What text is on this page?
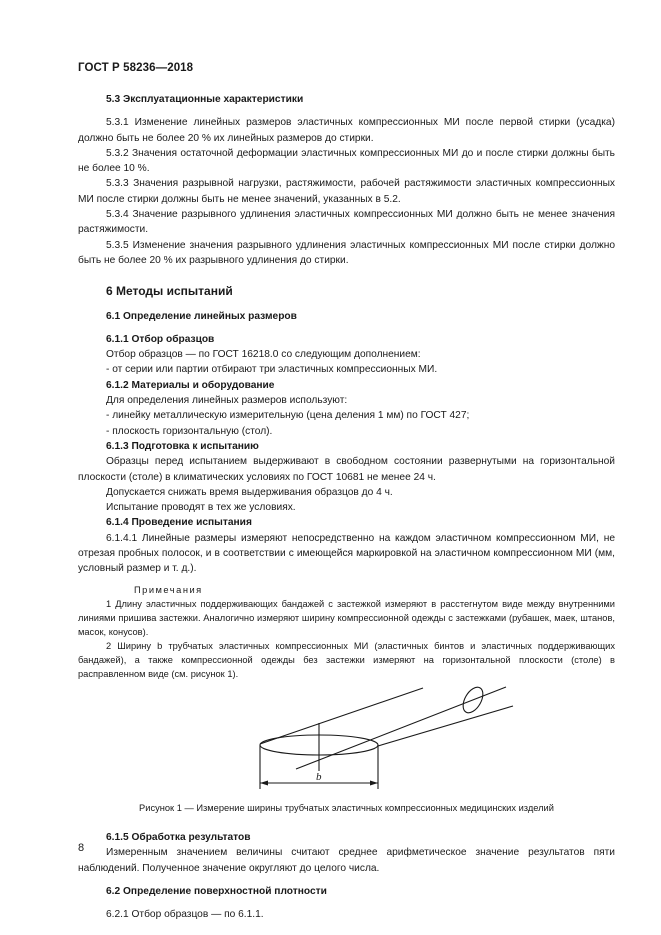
ГОСТ Р 58236—2018

5.3 Эксплуатационные характеристики

5.3.1 Изменение линейных размеров эластичных компрессионных МИ после первой стирки (усадка) должно быть не более 20 % их линейных размеров до стирки.

5.3.2 Значения остаточной деформации эластичных компрессионных МИ до и после стирки должны быть не более 10 %.

5.3.3 Значения разрывной нагрузки, растяжимости, рабочей растяжимости эластичных компрессионных МИ после стирки должны быть не менее значений, указанных в 5.2.

5.3.4 Значение разрывного удлинения эластичных компрессионных МИ должно быть не менее значения растяжимости.

5.3.5 Изменение значения разрывного удлинения эластичных компрессионных МИ после стирки должно быть не более 20 % их разрывного удлинения до стирки.

6 Методы испытаний

6.1 Определение линейных размеров

6.1.1 Отбор образцов

Отбор образцов — по ГОСТ 16218.0 со следующим дополнением:

- от серии или партии отбирают три эластичных компрессионных МИ.

6.1.2 Материалы и оборудование

Для определения линейных размеров используют:

- линейку металлическую измерительную (цена деления 1 мм) по ГОСТ 427;

- плоскость горизонтальную (стол).

6.1.3 Подготовка к испытанию

Образцы перед испытанием выдерживают в свободном состоянии развернутыми на горизонтальной плоскости (столе) в климатических условиях по ГОСТ 10681 не менее 24 ч.

Допускается снижать время выдерживания образцов до 4 ч.

Испытание проводят в тех же условиях.

6.1.4 Проведение испытания

6.1.4.1 Линейные размеры измеряют непосредственно на каждом эластичном компрессионном МИ, не отрезая пробных полосок, и в соответствии с имеющейся маркировкой на эластичном компрессионном МИ (мм, условный размер и т. д.).

Примечания

1 Длину эластичных поддерживающих бандажей с застежкой измеряют в расстегнутом виде между внутренними линиями пришива застежки. Аналогично измеряют ширину компрессионной одежды с застежками (рубашек, маек, штанов, масок, конусов).

2 Ширину b трубчатых эластичных компрессионных МИ (эластичных бинтов и эластичных поддерживающих бандажей), а также компрессионной одежды без застежки измеряют на горизонтальной плоскости (столе) в расправленном виде (см. рисунок 1).

b

Рисунок 1 — Измерение ширины трубчатых эластичных компрессионных медицинских изделий

6.1.5 Обработка результатов

Измеренным значением величины считают среднее арифметическое значение результатов пяти наблюдений. Полученное значение округляют до целого числа.

6.2 Определение поверхностной плотности

6.2.1 Отбор образцов — по 6.1.1.

8
